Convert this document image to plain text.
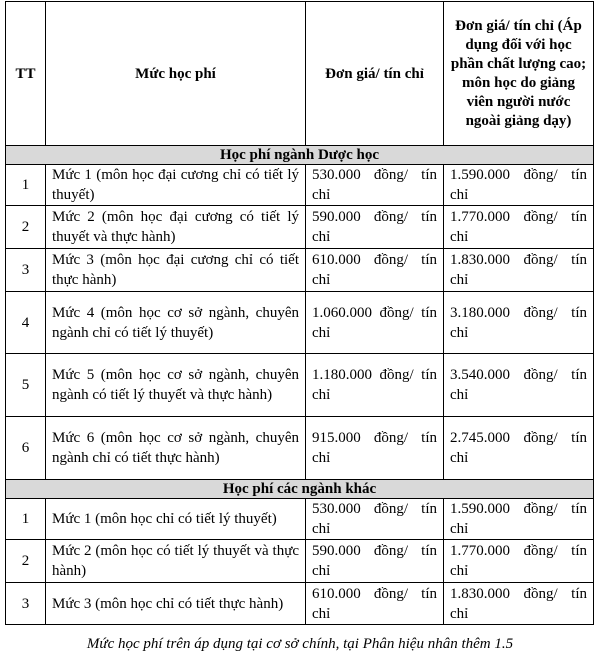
TT	Mức học phí	Đơn giá/ tín chỉ	Đơn giá/ tín chỉ (Áp dụng đối với học phần chất lượng cao; môn học do giảng viên người nước ngoài giảng dạy)
Học phí ngành Dược học			
1	Mức 1 (môn học đại cương chỉ có tiết lý thuyết)	530.000 đồng/ tín chỉ	1.590.000 đồng/ tín chỉ
2	Mức 2 (môn học đại cương có tiết lý thuyết và thực hành)	590.000 đồng/ tín chỉ	1.770.000 đồng/ tín chỉ
3	Mức 3 (môn học đại cương chỉ có tiết thực hành)	610.000 đồng/ tín chỉ	1.830.000 đồng/ tín chỉ
4	Mức 4 (môn học cơ sở ngành, chuyên ngành chỉ có tiết lý thuyết)	1.060.000 đồng/ tín chỉ	3.180.000 đồng/ tín chỉ
5	Mức 5 (môn học cơ sở ngành, chuyên ngành có tiết lý thuyết và thực hành)	1.180.000 đồng/ tín chỉ	3.540.000 đồng/ tín chỉ
6	Mức 6 (môn học cơ sở ngành, chuyên ngành chỉ có tiết thực hành)	915.000 đồng/ tín chỉ	2.745.000 đồng/ tín chỉ
Học phí các ngành khác			
1	Mức 1 (môn học chỉ có tiết lý thuyết)	530.000 đồng/ tín chỉ	1.590.000 đồng/ tín chỉ
2	Mức 2 (môn học có tiết lý thuyết và thực hành)	590.000 đồng/ tín chỉ	1.770.000 đồng/ tín chỉ
3	Mức 3 (môn học chỉ có tiết thực hành)	610.000 đồng/ tín chỉ	1.830.000 đồng/ tín chỉ
Mức học phí trên áp dụng tại cơ sở chính, tại Phân hiệu nhân thêm 1.5
